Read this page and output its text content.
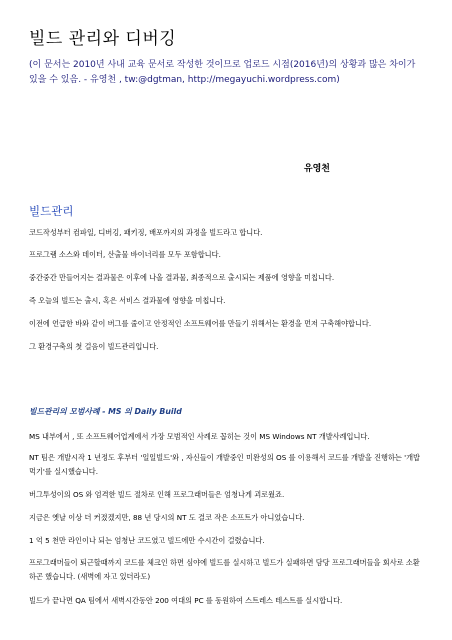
빌드 관리와 디버깅
(이 문서는 2010년 사내 교육 문서로 작성한 것이므로 업로드 시점(2016년)의 상황과 많은 차이가 있을 수 있음. - 유영천 , tw:@dgtman, http://megayuchi.wordpress.com)
유영천
빌드관리
코드작성부터 컴파일, 디버깅, 패키징, 배포까지의 과정을 빌드라고 합니다.
프로그램 소스와 데이터, 산출물 바이너리를 모두 포함합니다.
중간중간 만들어지는 결과물은 이후에 나올 결과물, 최종적으로 출시되는 제품에 영향을 미칩니다.
즉 오늘의 빌드는 출시, 혹은 서비스 결과물에 영향을 미칩니다.
이전에 언급한 바와 같이 버그를 줄이고 안정적인 소프트웨어를 만들기 위해서는 환경을 먼저 구축해야합니다.
그 환경구축의 첫 걸음이 빌드관리입니다.
빌드관리의 모범사례 - MS 의 Daily Build
MS 내부에서 , 또 소프트웨어업계에서 가장 모범적인 사례로 꼽히는 것이 MS Windows NT 개발사례입니다.
NT 팀은 개발시작 1 년정도 후부터 '일일빌드'와 , 자신들이 개발중인 미완성의 OS 를 이용해서 코드를 개발을 진행하는 '개밥먹기'를 실시했습니다.
버그투성이의 OS 와 엄격한 빌드 절차로 인해 프로그래머들은 엄청나게 괴로웠죠.
지금은 옛날 이상 더 커졌겠지만, 88 년 당시의 NT 도 결코 작은 소프트가 아니었습니다.
1 억 5 천만 라인이나 되는 엄청난 코드였고 빌드에만 수시간이 걸렸습니다.
프로그래머들이 퇴근할때까지 코드를 체크인 하면 심야에 빌드를 실시하고 빌드가 실패하면 담당 프로그래머들을 회사로 소환하곤 했습니다. (새벽에 자고 있더라도)
빌드가 끝나면 QA 팀에서 새벽시간동안 200 여대의 PC 를 동원하여 스트레스 테스트를 실시합니다.
